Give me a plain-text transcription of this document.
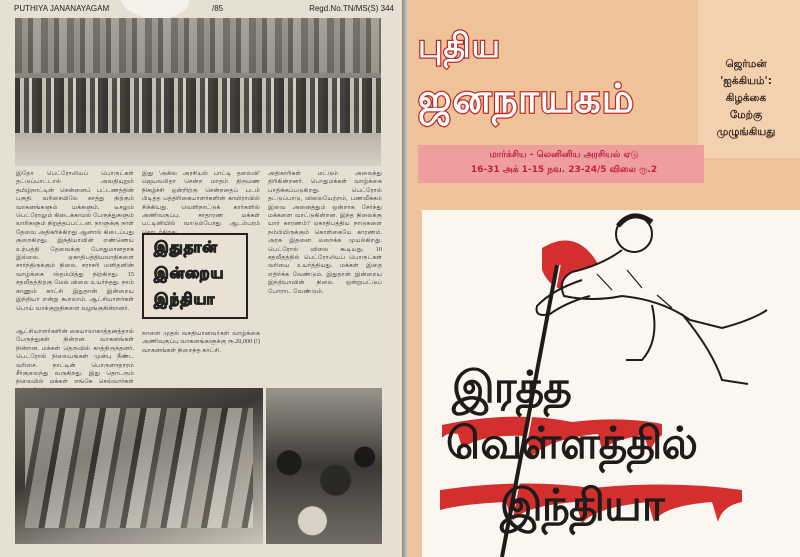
PUTHIYA JANANAYAGAM	/85	Regd.No.TN/MS(S) 344
இதோ பெட்ரோலியப் பொருட்கள் தட்டுப்பாட்டால் அவதியுறும் தமிழ்நாட்டின் சென்னைப் பட்டணத்தின் பகுதி. வரிசையிலே காத்து நிற்கும் வாகனங்களும் மக்களும். டீசலும் பெட்ரோலும் கிடைக்காமல் பேருந்துகளும் லாரிகளும் நிறுத்தப்பட்டன. நாளுக்கு நாள் தேவை அதிகரிக்கிறது ஆனால் கிடைப்பது குறைகிறது. இந்தியாவின் எண்ணெய் உற்பத்தி தேவைக்கு போதுமானதாக இல்லை. ஏகாதிபத்தியவாதிகளை சார்ந்திருக்கும் நிலை. சராசரி மனிதனின் வாழ்க்கை ஸ்தம்பித்து நிற்கிறது. 15 சதவீதத்திற்கு மேல் விலை உயர்ந்தது. நாம் காணும் காட்சி இதுதான் இன்றைய இந்தியா என்று கூறலாம். ஆட்சியாளர்கள் பொய் வாக்குறுதிகளை வழங்குகின்றனர்.
ஆட்சியாளர்களின் கையாலாகாத்தனத்தால் பேருந்துகள் நின்றன. வாகனங்கள் நின்றன. மக்கள் தெருவில் காத்திருந்தனர். பெட்ரோல் நிலையங்கள் முன்பு நீண்ட வரிசை. நாட்டின் பொருளாதாரம் சீர்குலைந்து வருகிறது. இது தொடரும் நிலையில் மக்கள் எங்கே செல்வார்கள்
இது 'அகில அரசியல் பாட்டி தலைவி' ஜெயலலிதா சென்ற மாதம் திருமண நிகழ்ச்சி ஒன்றிற்கு சென்றதைப் படம் பிடித்த பத்திரிகையாளர்களின் காமிராவில் சிக்கியது. வெளிநாட்டுக் கார்களில் அணிவகுப்பு. சாதாரண மக்கள் பட்டினியில் வாடும்போது ஆடம்பரம்
இதுதான்
இன்றைய
இந்தியா
நாளை முதல் வசதியானவர்கள் வாழ்க்கை அணிவகுப்பு வாகனங்களுக்கு ரூ.20,000 (!) வாகனங்கள் நிறைந்த காட்சி.
அதிகாரிகள் மட்டும் அலைந்து திரிகின்றனர். பொதுமக்கள் வாழ்க்கை பாதிக்கப்படுகிறது. பெட்ரோல் தட்டுப்பாடு, விலையேற்றம், பணவீக்கம் இவை அனைத்தும் ஒன்றாக சேர்ந்து மக்களை வாட்டுகின்றன. இந்த நிலைக்கு யார் காரணம்? ஏகாதிபத்திய நாடுகளை நம்பியிருக்கும் கொள்கையே காரணம். அரசு இதனை மறைக்க முயல்கிறது. பெட்ரோல் விலை கூடியது. 10 சதவீதத்தில் பெட்ரோலியப் பொருட்கள் வரியை உயர்த்தியது. மக்கள் இதை எதிர்க்க வேண்டும். இதுதான் இன்றைய இந்தியாவின் நிலை. ஒன்றுபட்டுப் போராட வேண்டும்.
புதிய
ஜனநாயகம்
ஜெர்மன்
'ஐக்கியம்':
கிழக்கை
மேற்கு
முழுங்கியது
மார்க்சிய - லெனினிய அரசியல் ஏடு
16-31 அக் 1-15 நவ. 23-24/5 விலை ரூ.2
இரத்த
வெள்ளத்தில்
இந்தியா
